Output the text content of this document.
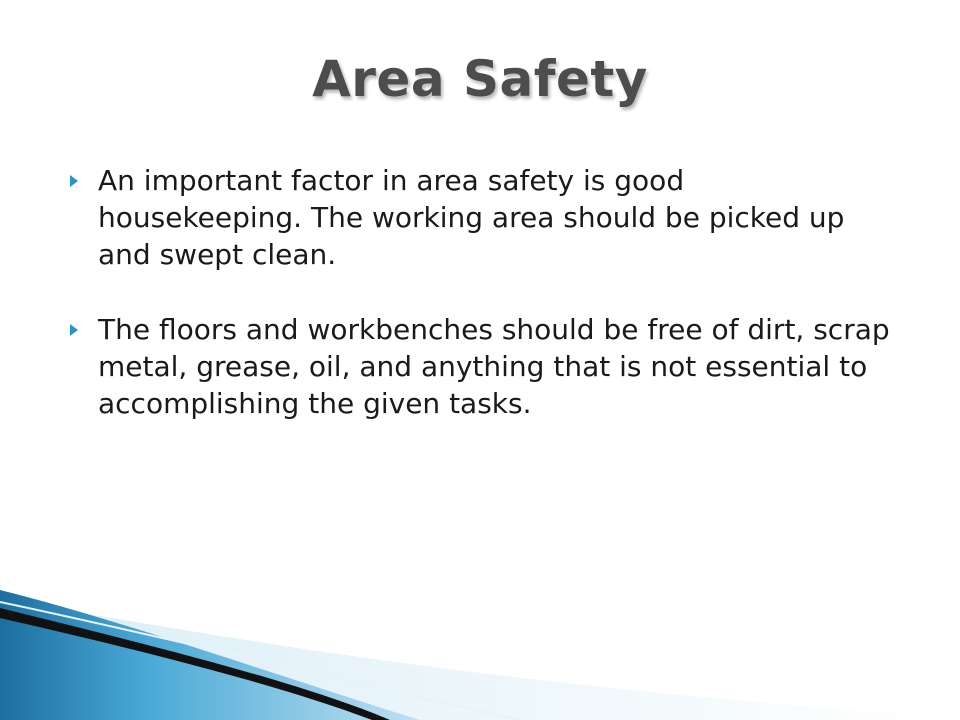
Area Safety
An important factor in area safety is good housekeeping. The working area should be picked up and swept clean.
The floors and workbenches should be free of dirt, scrap metal, grease, oil, and anything that is not essential to accomplishing the given tasks.
